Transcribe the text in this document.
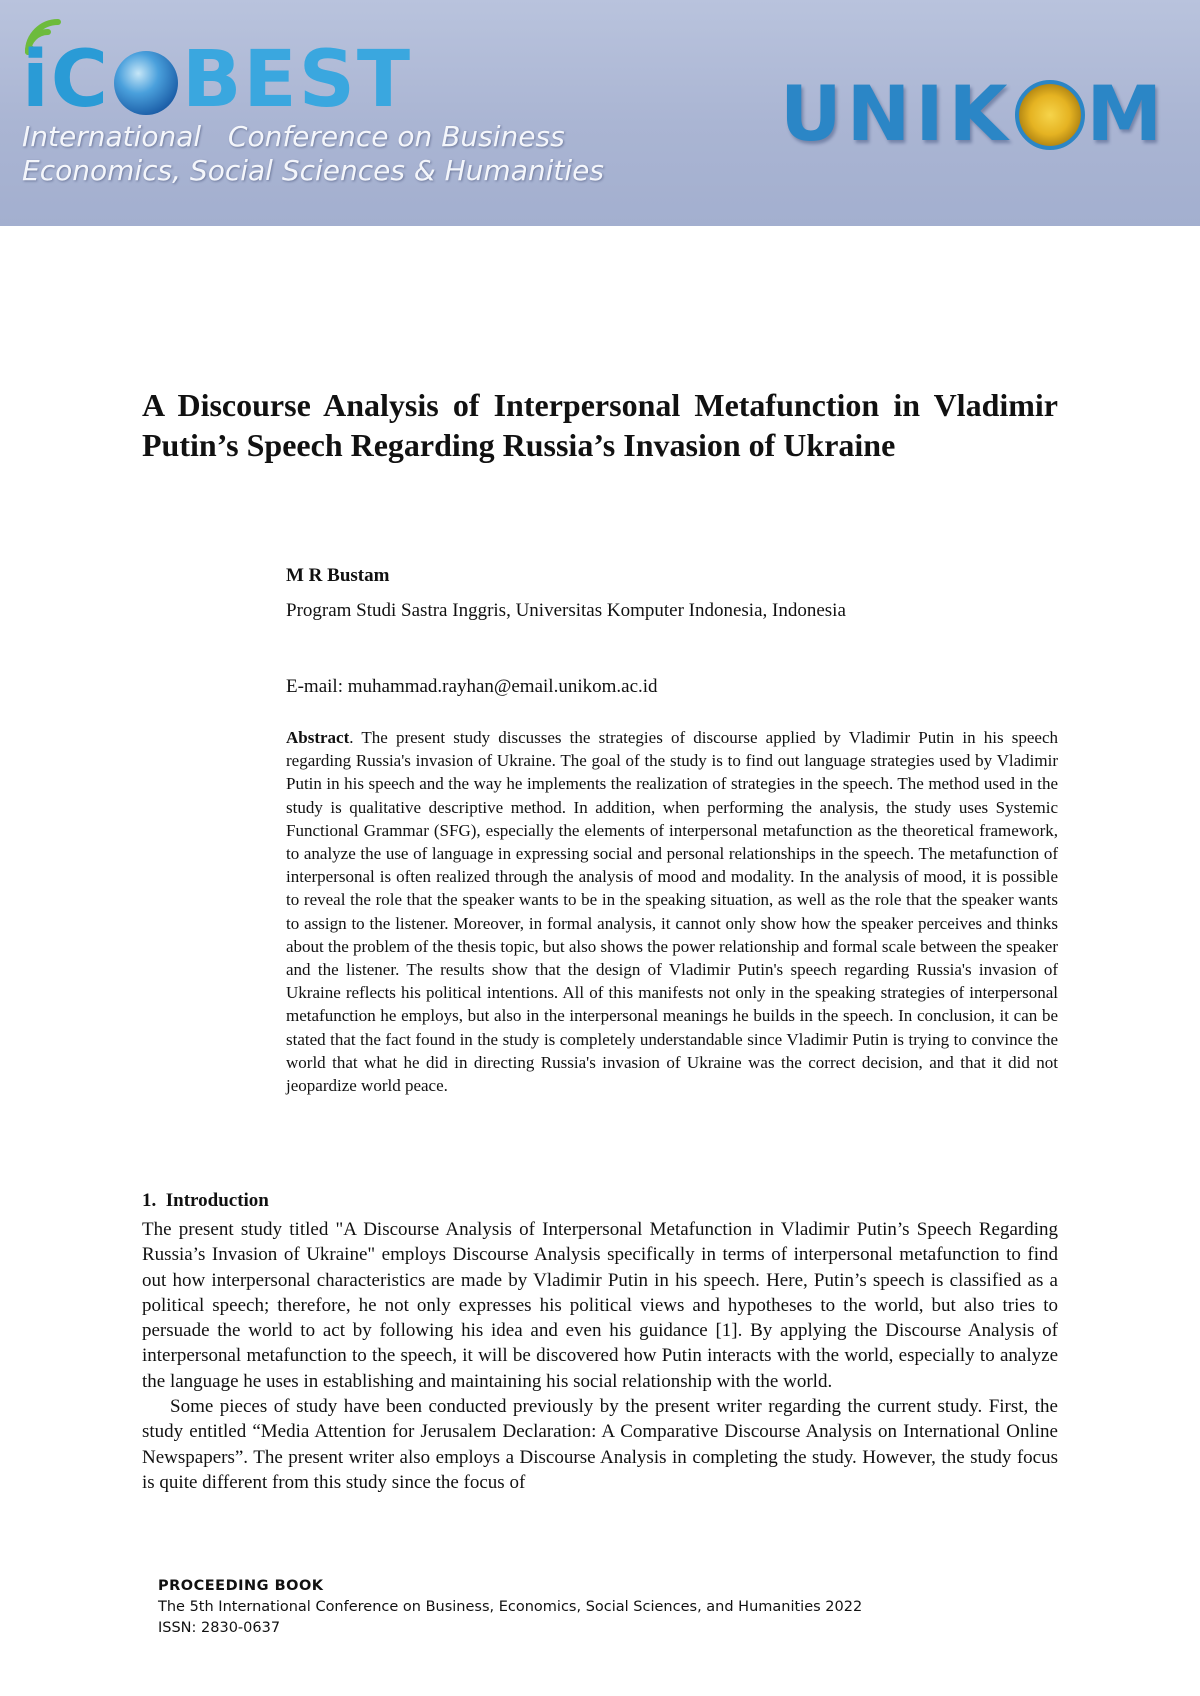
iC BEST
International   Conference on Business
Economics, Social Sciences & Humanities
UNIK M
A Discourse Analysis of Interpersonal Metafunction in Vladimir Putin’s Speech Regarding Russia’s Invasion of Ukraine
M R Bustam
Program Studi Sastra Inggris, Universitas Komputer Indonesia, Indonesia
E-mail: muhammad.rayhan@email.unikom.ac.id

Abstract. The present study discusses the strategies of discourse applied by Vladimir Putin in his speech regarding Russia's invasion of Ukraine. The goal of the study is to find out language strategies used by Vladimir Putin in his speech and the way he implements the realization of strategies in the speech. The method used in the study is qualitative descriptive method. In addition, when performing the analysis, the study uses Systemic Functional Grammar (SFG), especially the elements of interpersonal metafunction as the theoretical framework, to analyze the use of language in expressing social and personal relationships in the speech. The metafunction of interpersonal is often realized through the analysis of mood and modality. In the analysis of mood, it is possible to reveal the role that the speaker wants to be in the speaking situation, as well as the role that the speaker wants to assign to the listener. Moreover, in formal analysis, it cannot only show how the speaker perceives and thinks about the problem of the thesis topic, but also shows the power relationship and formal scale between the speaker and the listener. The results show that the design of Vladimir Putin's speech regarding Russia's invasion of Ukraine reflects his political intentions. All of this manifests not only in the speaking strategies of interpersonal metafunction he employs, but also in the interpersonal meanings he builds in the speech. In conclusion, it can be stated that the fact found in the study is completely understandable since Vladimir Putin is trying to convince the world that what he did in directing Russia's invasion of Ukraine was the correct decision, and that it did not jeopardize world peace.

1.  Introduction

The present study titled "A Discourse Analysis of Interpersonal Metafunction in Vladimir Putin’s Speech Regarding Russia’s Invasion of Ukraine" employs Discourse Analysis specifically in terms of interpersonal metafunction to find out how interpersonal characteristics are made by Vladimir Putin in his speech. Here, Putin’s speech is classified as a political speech; therefore, he not only expresses his political views and hypotheses to the world, but also tries to persuade the world to act by following his idea and even his guidance [1]. By applying the Discourse Analysis of interpersonal metafunction to the speech, it will be discovered how Putin interacts with the world, especially to analyze the language he uses in establishing and maintaining his social relationship with the world.

Some pieces of study have been conducted previously by the present writer regarding the current study. First, the study entitled “Media Attention for Jerusalem Declaration: A Comparative Discourse Analysis on International Online Newspapers”. The present writer also employs a Discourse Analysis in completing the study. However, the study focus is quite different from this study since the focus of

PROCEEDING BOOK
The 5th International Conference on Business, Economics, Social Sciences, and Humanities 2022
ISSN: 2830-0637
